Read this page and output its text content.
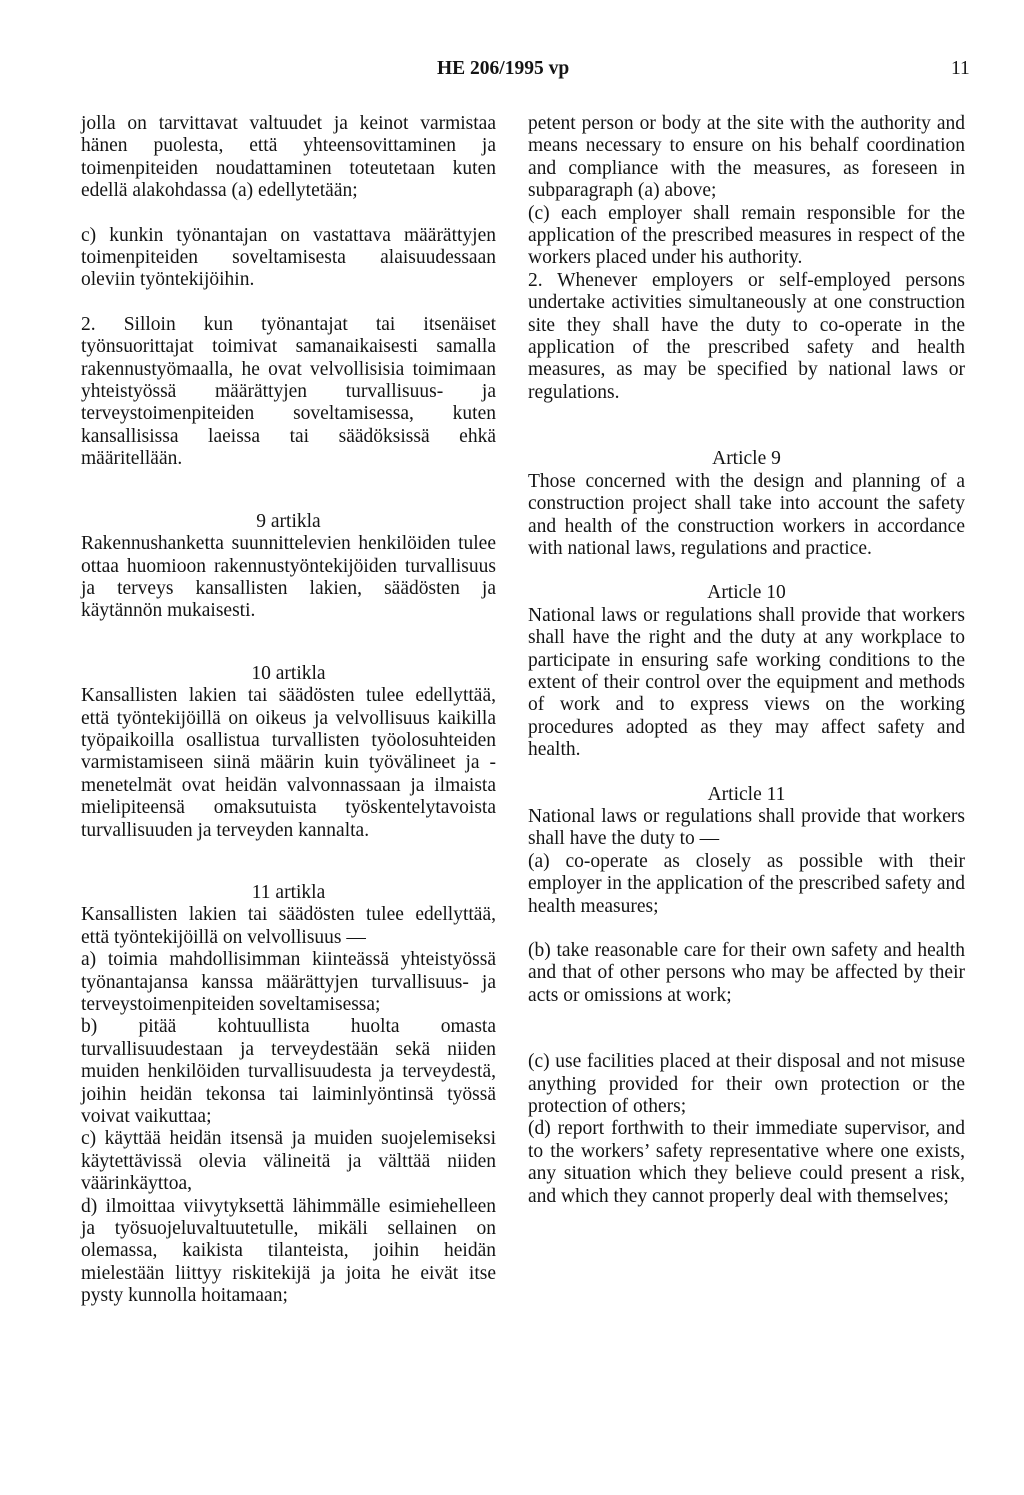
HE 206/1995 vp	11

jolla on tarvittavat valtuudet ja keinot varmistaa hänen puolesta, että yhteensovittaminen ja toimenpiteiden noudattaminen toteutetaan kuten edellä alakohdassa (a) edellytetään;

c) kunkin työnantajan on vastattava määrättyjen toimenpiteiden soveltamisesta alaisuudessaan oleviin työntekijöihin.

2. Silloin kun työnantajat tai itsenäiset työnsuorittajat toimivat samanaikaisesti samalla rakennustyömaalla, he ovat velvollisisia toimimaan yhteistyössä määrättyjen turvallisuus- ja terveystoimenpiteiden soveltamisessa, kuten kansallisissa laeissa tai säädöksissä ehkä määritellään.

9 artikla

Rakennushanketta suunnittelevien henkilöiden tulee ottaa huomioon rakennustyöntekijöiden turvallisuus ja terveys kansallisten lakien, säädösten ja käytännön mukaisesti.

10 artikla

Kansallisten lakien tai säädösten tulee edellyttää, että työntekijöillä on oikeus ja velvollisuus kaikilla työpaikoilla osallistua turvallisten työolosuhteiden varmistamiseen siinä määrin kuin työvälineet ja -menetelmät ovat heidän valvonnassaan ja ilmaista mielipiteensä omaksutuista työskentelytavoista turvallisuuden ja terveyden kannalta.

11 artikla

Kansallisten lakien tai säädösten tulee edellyttää, että työntekijöillä on velvollisuus —

a) toimia mahdollisimman kiinteässä yhteistyössä työnantajansa kanssa määrättyjen turvallisuus- ja terveystoimenpiteiden soveltamisessa;

b) pitää kohtuullista huolta omasta turvallisuudestaan ja terveydestään sekä niiden muiden henkilöiden turvallisuudesta ja terveydestä, joihin heidän tekonsa tai laiminlyöntinsä työssä voivat vaikuttaa;

c) käyttää heidän itsensä ja muiden suojelemiseksi käytettävissä olevia välineitä ja välttää niiden väärinkäyttoa,

d) ilmoittaa viivytyksettä lähimmälle esimiehelleen ja työsuojeluvaltuutetulle, mikäli sellainen on olemassa, kaikista tilanteista, joihin heidän mielestään liittyy riskitekijä ja joita he eivät itse pysty kunnolla hoitamaan;

petent person or body at the site with the authority and means necessary to ensure on his behalf coordination and compliance with the measures, as foreseen in subparagraph (a) above;

(c) each employer shall remain responsible for the application of the prescribed measures in respect of the workers placed under his authority.

2. Whenever employers or self-employed persons undertake activities simultaneously at one construction site they shall have the duty to co-operate in the application of the prescribed safety and health measures, as may be specified by national laws or regulations.

Article 9

Those concerned with the design and planning of a construction project shall take into account the safety and health of the construction workers in accordance with national laws, regulations and practice.

Article 10

National laws or regulations shall provide that workers shall have the right and the duty at any workplace to participate in ensuring safe working conditions to the extent of their control over the equipment and methods of work and to express views on the working procedures adopted as they may affect safety and health.

Article 11

National laws or regulations shall provide that workers shall have the duty to —

(a) co-operate as closely as possible with their employer in the application of the prescribed safety and health measures;

(b) take reasonable care for their own safety and health and that of other persons who may be affected by their acts or omissions at work;

(c) use facilities placed at their disposal and not misuse anything provided for their own protection or the protection of others;

(d) report forthwith to their immediate supervisor, and to the workers’ safety representative where one exists, any situation which they believe could present a risk, and which they cannot properly deal with themselves;
